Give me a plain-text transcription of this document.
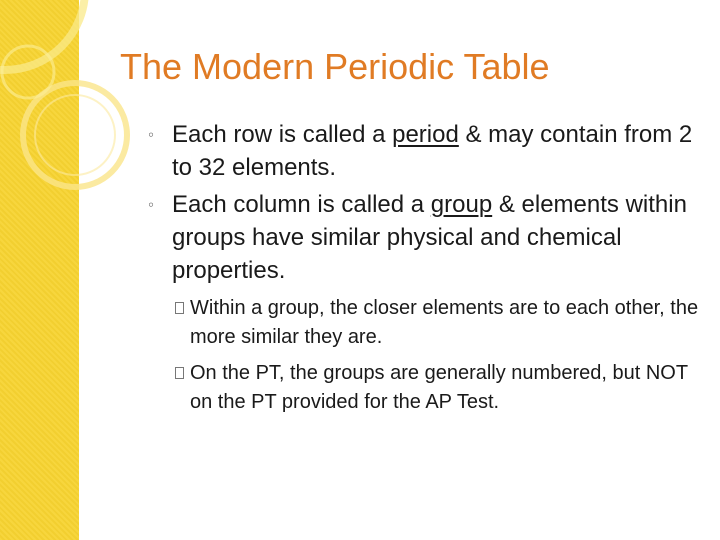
The Modern Periodic Table
◦ Each row is called a period & may contain from 2 to 32 elements.
◦ Each column is called a group & elements within groups have similar physical and chemical properties.
Within a group, the closer elements are to each other, the more similar they are.
On the PT, the groups are generally numbered, but NOT on the PT provided for the AP Test.
